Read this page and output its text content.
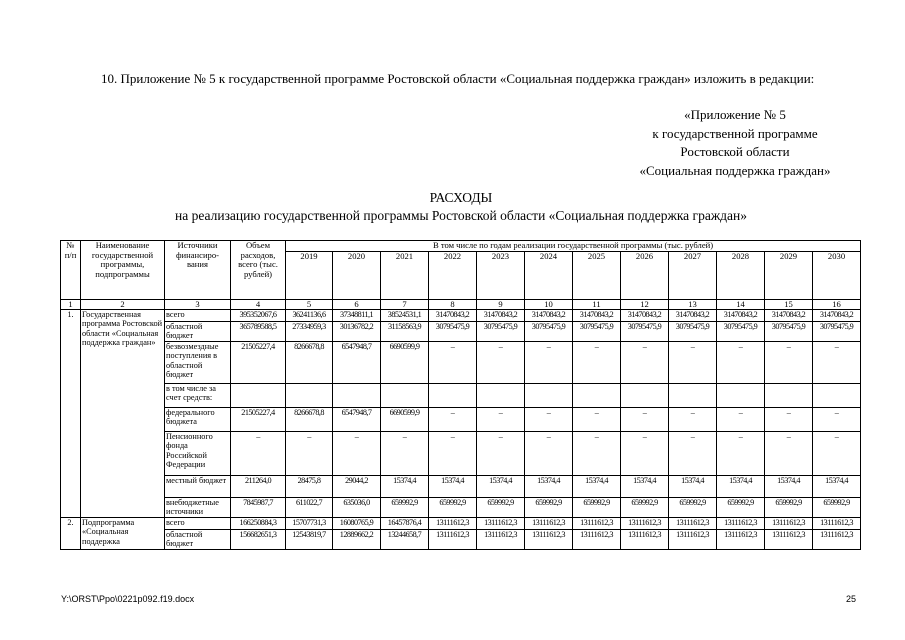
10. Приложение № 5 к государственной программе Ростовской области «Социальная поддержка граждан» изложить в редакции:
«Приложение № 5
к государственной программе
Ростовской области
«Социальная поддержка граждан»
РАСХОДЫ
на реализацию государственной программы Ростовской области «Социальная поддержка граждан»
№ п/п	Наименование государственной программы, подпрограммы	Источники финансиро-вания	Объем расходов, всего (тыс. рублей)	В том числе по годам реализации государственной программы (тыс. рублей)											
				2019	2020	2021	2022	2023	2024	2025	2026	2027	2028	2029	2030
1	2	3	4	5	6	7	8	9	10	11	12	13	14	15	16
1.	Государственная программа Ростовской области «Социальная поддержка граждан»	всего	395352067,6	36241136,6	37348811,1	38524531,1	31470843,2	31470843,2	31470843,2	31470843,2	31470843,2	31470843,2	31470843,2	31470843,2	31470843,2
		областной бюджет	365789588,5	27334959,3	30136782,2	31158563,9	30795475,9	30795475,9	30795475,9	30795475,9	30795475,9	30795475,9	30795475,9	30795475,9	30795475,9
		безвозмездные поступления в областной бюджет	21505227,4	8266678,8	6547948,7	6690599,9	–	–	–	–	–	–	–	–	–
		в том числе за счет средств:													
		федерального бюджета	21505227,4	8266678,8	6547948,7	6690599,9	–	–	–	–	–	–	–	–	–
		Пенсионного фонда Российской Федерации	–	–	–	–	–	–	–	–	–	–	–	–	–
		местный бюджет	211264,0	28475,8	29044,2	15374,4	15374,4	15374,4	15374,4	15374,4	15374,4	15374,4	15374,4	15374,4	15374,4
		внебюджетные источники	7845987,7	611022,7	635036,0	659992,9	659992,9	659992,9	659992,9	659992,9	659992,9	659992,9	659992,9	659992,9	659992,9
2.	Подпрограмма «Социальная поддержка	всего	166250884,3	15707731,3	16080765,9	16457876,4	13111612,3	13111612,3	13111612,3	13111612,3	13111612,3	13111612,3	13111612,3	13111612,3	13111612,3
		областной бюджет	156682651,3	12543819,7	12889662,2	13244658,7	13111612,3	13111612,3	13111612,3	13111612,3	13111612,3	13111612,3	13111612,3	13111612,3	13111612,3
Y:\ORST\Ppo\0221p092.f19.docx	25
